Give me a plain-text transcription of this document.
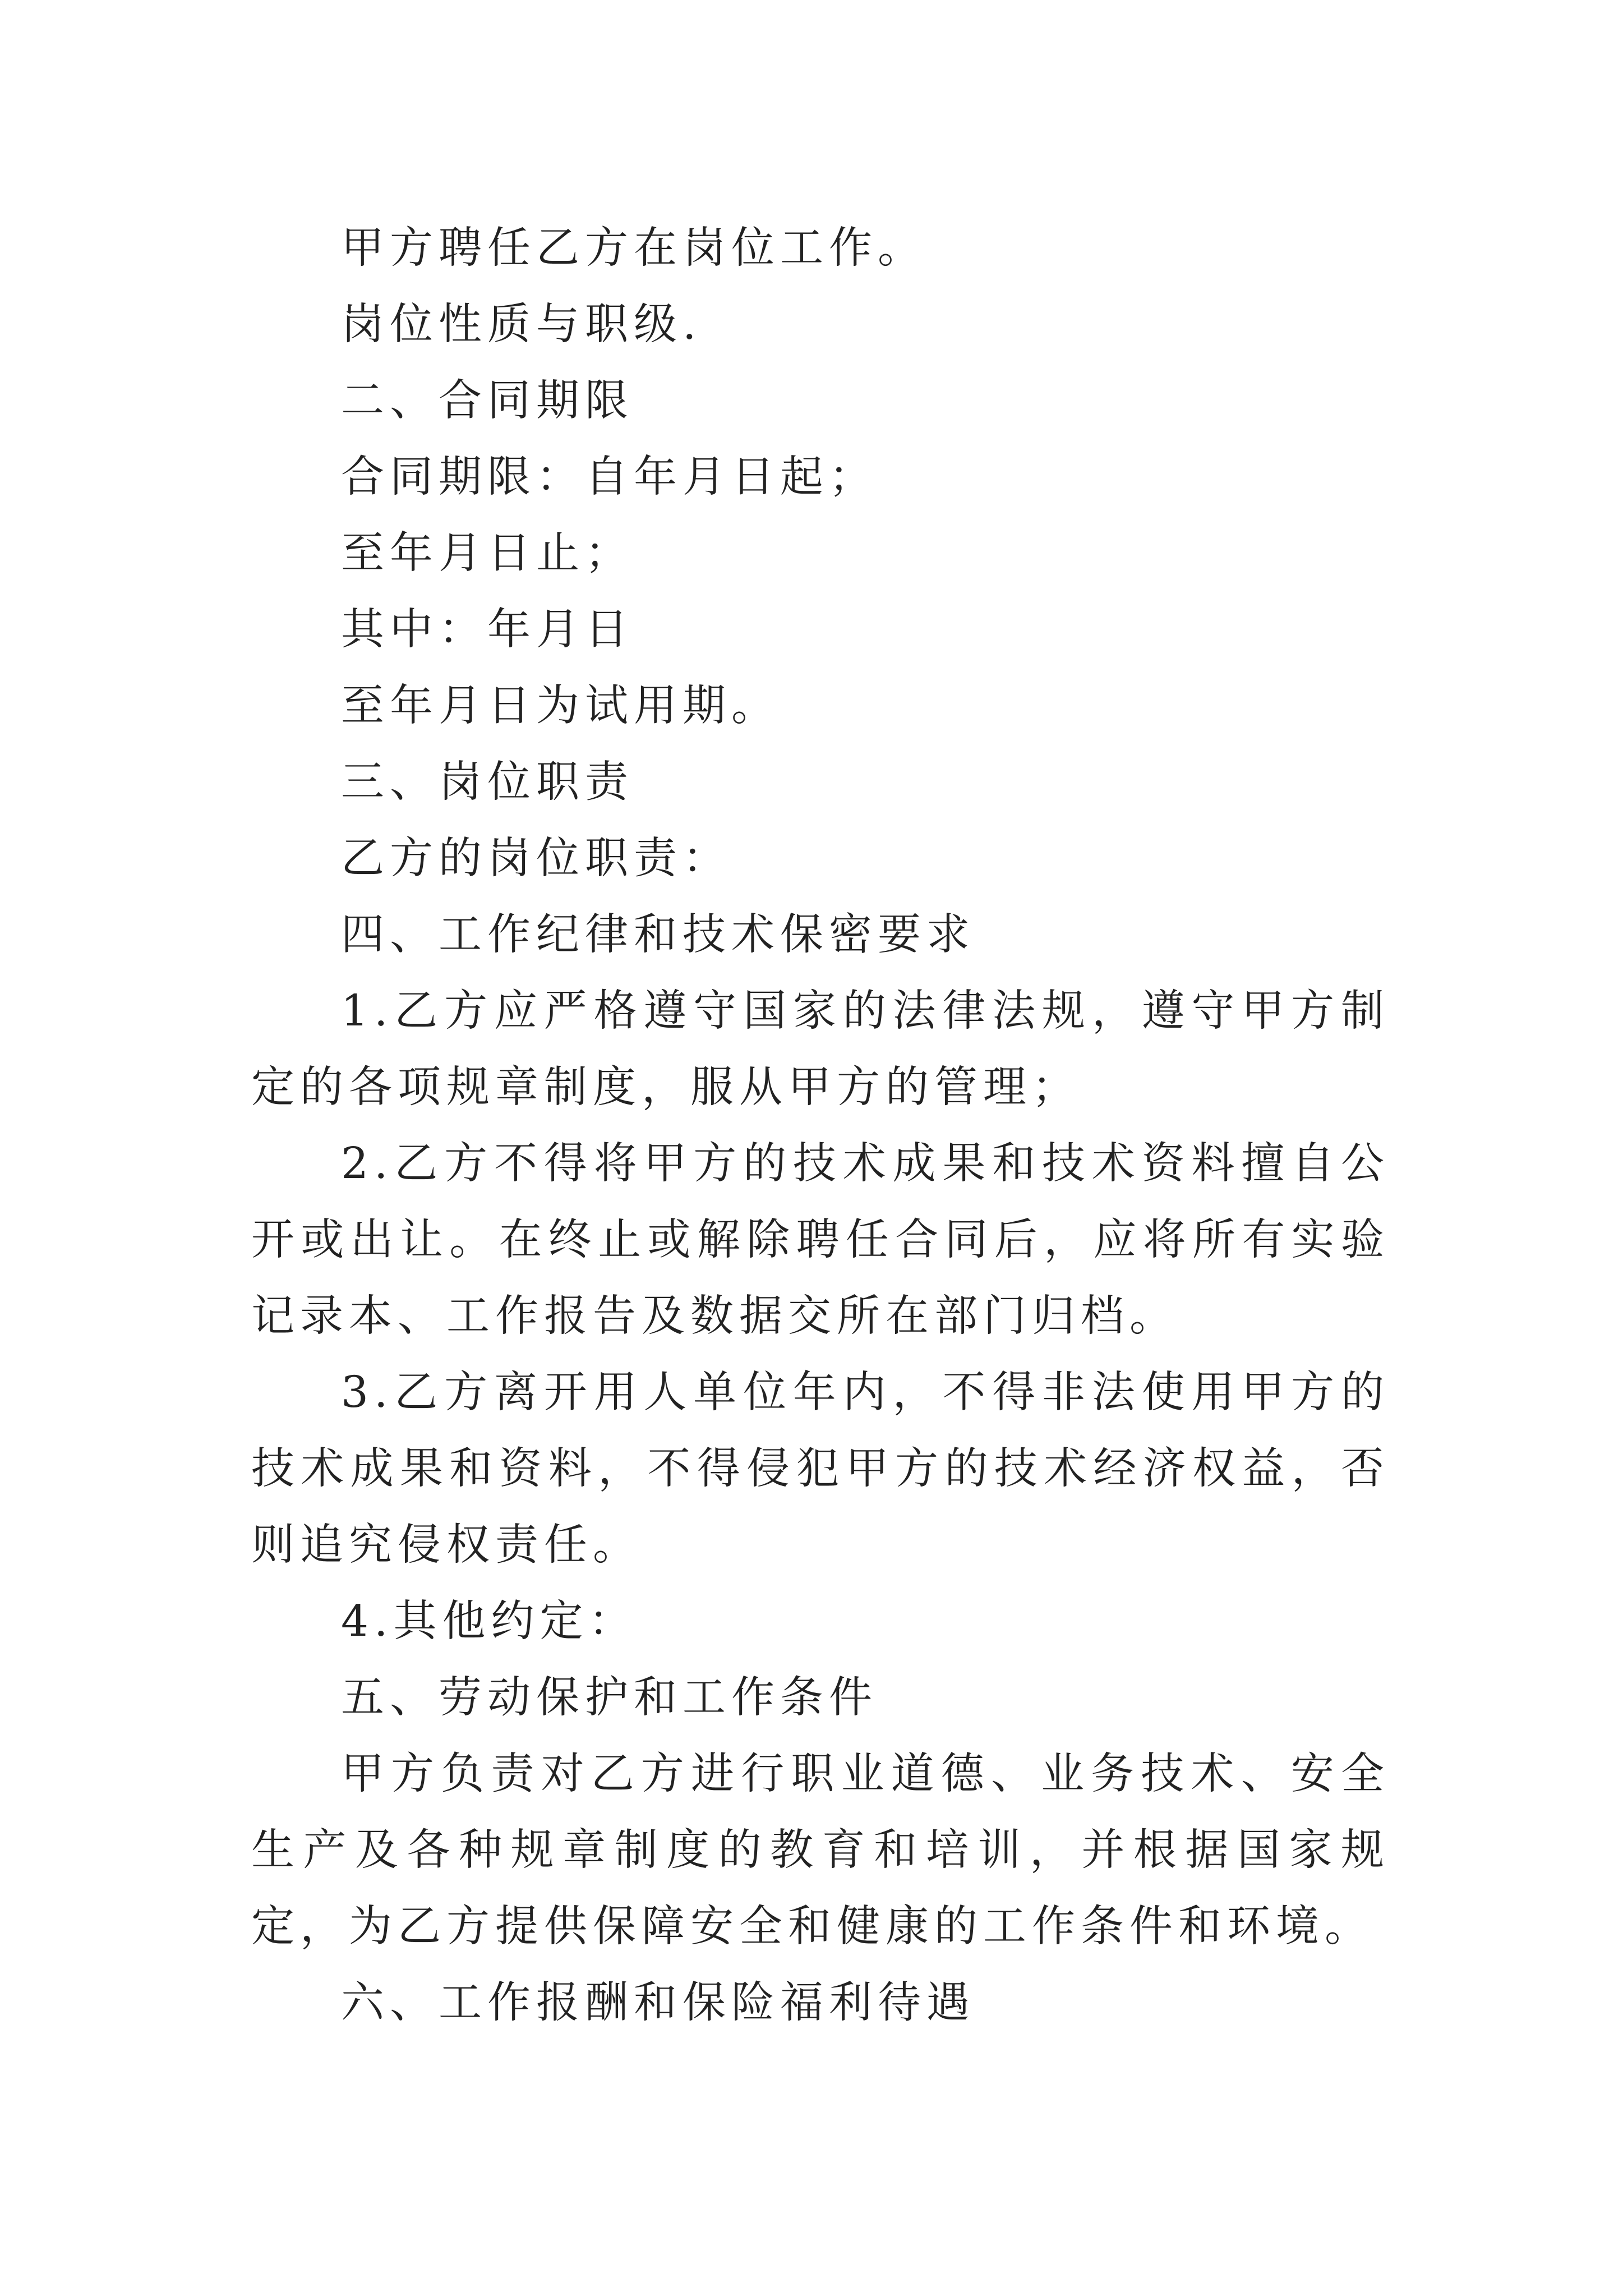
甲方聘任乙方在岗位工作。

岗位性质与职级.

二、合同期限

合同期限：自年月日起；

至年月日止；

其中：年月日

至年月日为试用期。

三、岗位职责

乙方的岗位职责：

四、工作纪律和技术保密要求

1.乙方应严格遵守国家的法律法规，遵守甲方制定的各项规章制度，服从甲方的管理；

2.乙方不得将甲方的技术成果和技术资料擅自公开或出让。在终止或解除聘任合同后，应将所有实验记录本、工作报告及数据交所在部门归档。

3.乙方离开用人单位年内，不得非法使用甲方的技术成果和资料，不得侵犯甲方的技术经济权益，否则追究侵权责任。

4.其他约定：

五、劳动保护和工作条件

甲方负责对乙方进行职业道德、业务技术、安全生产及各种规章制度的教育和培训，并根据国家规定，为乙方提供保障安全和健康的工作条件和环境。

六、工作报酬和保险福利待遇
